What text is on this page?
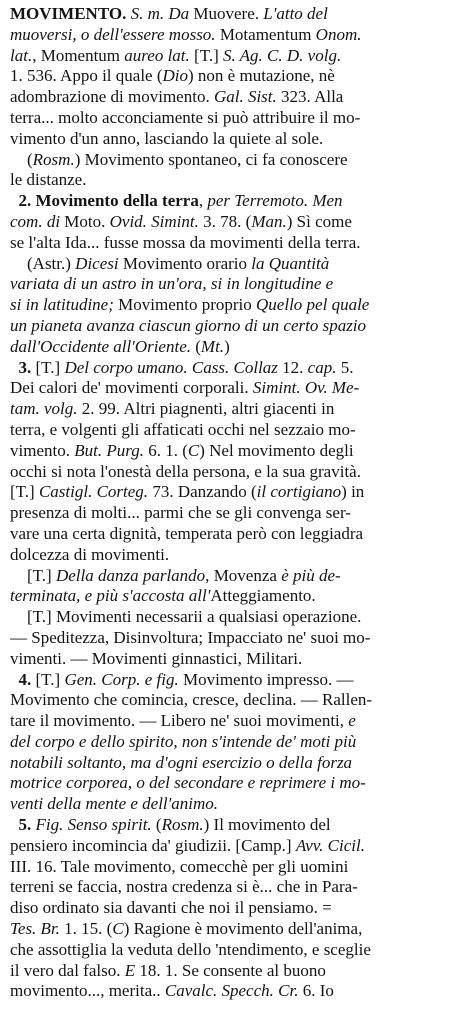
MOVIMENTO. S. m. Da Muovere. L'atto del
muoversi, o dell'essere mosso. Motamentum Onom.
lat., Momentum aureo lat. [T.] S. Ag. C. D. volg.
1. 536. Appo il quale (Dio) non è mutazione, nè
adombrazione di movimento. Gal. Sist. 323. Alla
terra... molto acconciamente si può attribuire il mo-
vimento d'un anno, lasciando la quiete al sole.
(Rosm.) Movimento spontaneo, ci fa conoscere
le distanze.
2. Movimento della terra, per Terremoto. Men
com. di Moto. Ovid. Simint. 3. 78. (Man.) Sì come
se l'alta Ida... fusse mossa da movimenti della terra.
(Astr.) Dicesi Movimento orario la Quantità
variata di un astro in un'ora, si in longitudine e
si in latitudine; Movimento proprio Quello pel quale
un pianeta avanza ciascun giorno di un certo spazio
dall'Occidente all'Oriente. (Mt.)
3. [T.] Del corpo umano. Cass. Collaz 12. cap. 5.
Dei calori de' movimenti corporali. Simint. Ov. Me-
tam. volg. 2. 99. Altri piagnenti, altri giacenti in
terra, e volgenti gli affaticati occhi nel sezzaio mo-
vimento. But. Purg. 6. 1. (C) Nel movimento degli
occhi si nota l'onestà della persona, e la sua gravità.
[T.] Castigl. Corteg. 73. Danzando (il cortigiano) in
presenza di molti... parmi che se gli convenga ser-
vare una certa dignità, temperata però con leggiadra
dolcezza di movimenti.
[T.] Della danza parlando, Movenza è più de-
terminata, e più s'accosta all'Atteggiamento.
[T.] Movimenti necessarii a qualsiasi operazione.
— Speditezza, Disinvoltura; Impacciato ne' suoi mo-
vimenti. — Movimenti ginnastici, Militari.
4. [T.] Gen. Corp. e fig. Movimento impresso. —
Movimento che comincia, cresce, declina. — Rallen-
tare il movimento. — Libero ne' suoi movimenti, e
del corpo e dello spirito, non s'intende de' moti più
notabili soltanto, ma d'ogni esercizio o della forza
motrice corporea, o del secondare e reprimere i mo-
venti della mente e dell'animo.
5. Fig. Senso spirit. (Rosm.) Il movimento del
pensiero incomincia da' giudizii. [Camp.] Avv. Cicil.
III. 16. Tale movimento, comecchè per gli uomini
terreni se faccia, nostra credenza si è... che in Para-
diso ordinato sia davanti che noi il pensiamo. =
Tes. Br. 1. 15. (C) Ragione è movimento dell'anima,
che assottiglia la veduta dello 'ntendimento, e sceglie
il vero dal falso. E 18. 1. Se consente al buono
movimento..., merita.. Cavalc. Specch. Cr. 6. Io
